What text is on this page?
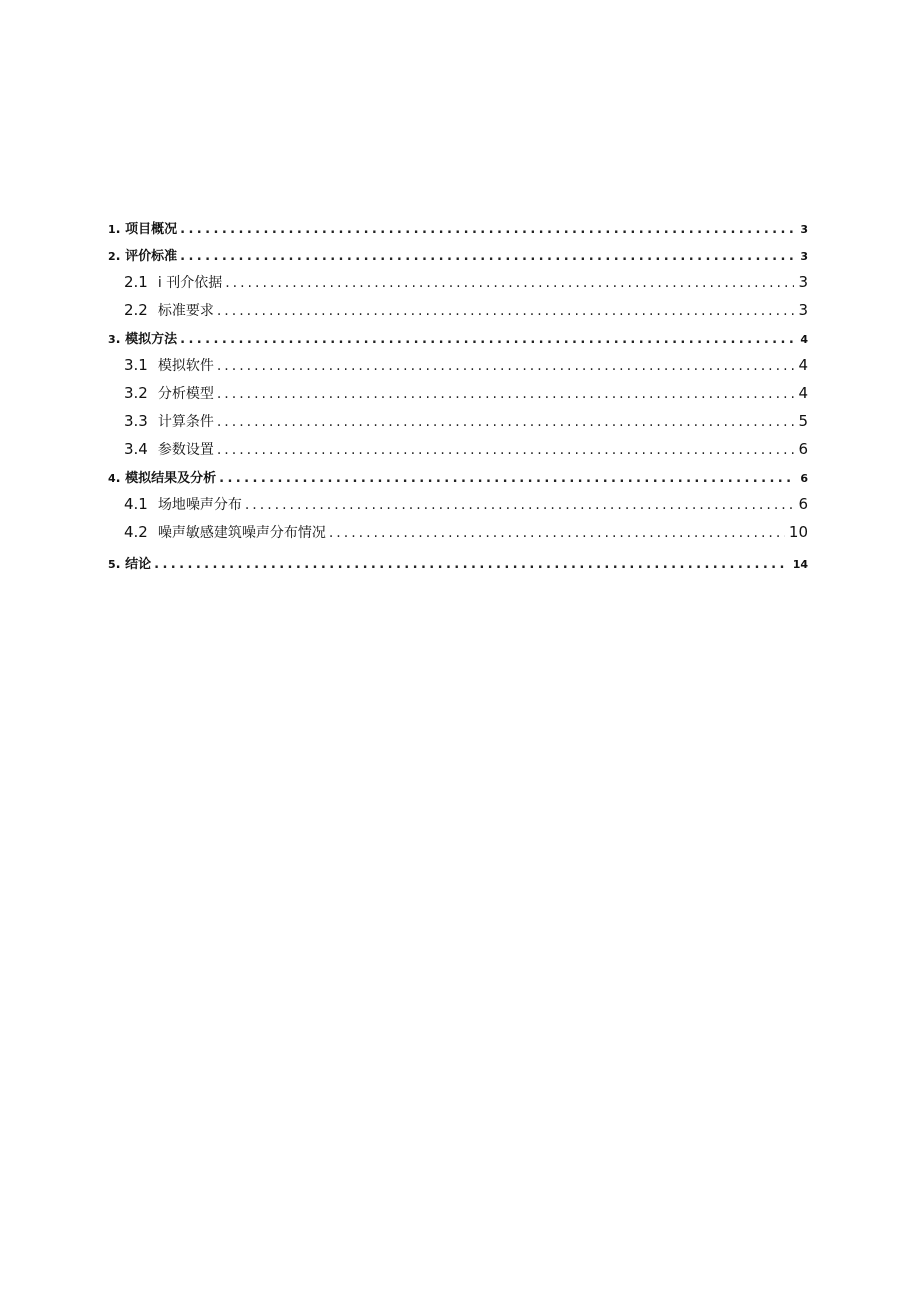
1 . 项目概况 .....	3
2 . 评价标准 .....	3
2.1 i 刊介依据 .....	3
2.2 标准要求 .....	3
3 . 模拟方法 .....	4
3.1 模拟软件 .....	4
3.2 分析模型 .....	4
3.3 计算条件 .....	5
3.4 参数设置 .....	6
4 . 模拟结果及分析 .....	6
4.1 场地噪声分布 .....	6
4.2 噪声敏感建筑噪声分布情况 .....	10
5 . 结论 .....	14
